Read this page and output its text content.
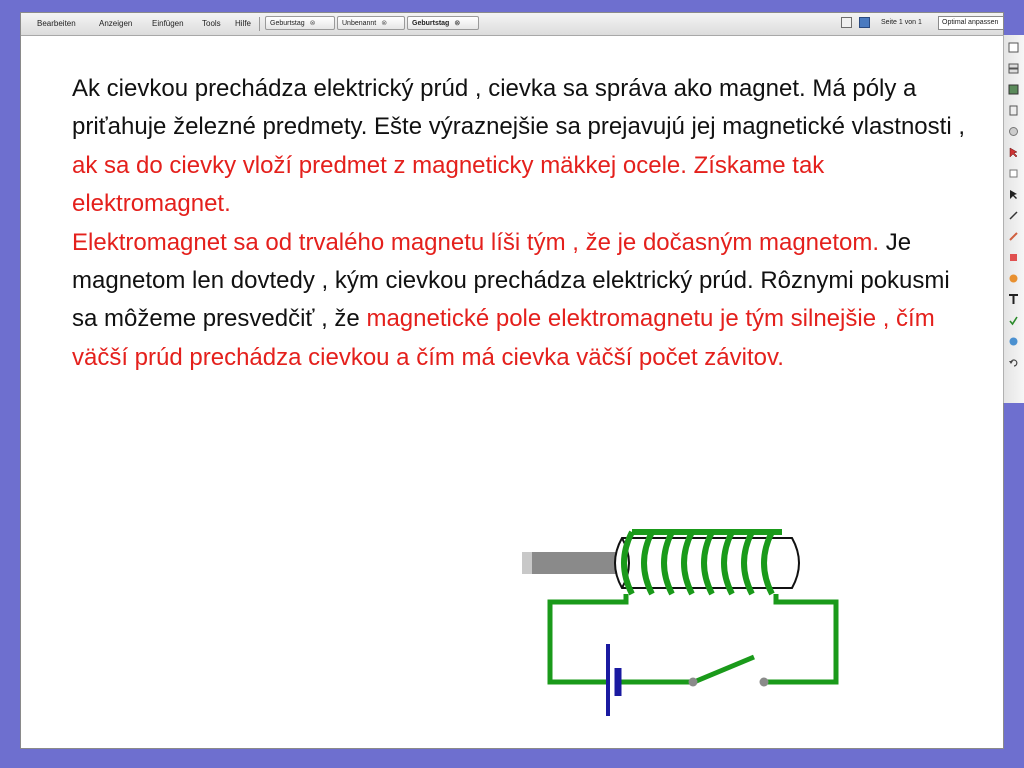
Bearbeiten	Anzeigen Einfügen Tools Hilfe	Geburtstag ⊗	Unbenannt ⊗	Geburtstag ⊗	Seite 1 von 1	Optimal anpassen

Ak cievkou prechádza elektrický prúd , cievka sa správa ako magnet. Má póly a priťahuje železné predmety. Ešte výraznejšie sa prejavujú jej magnetické vlastnosti , ak sa do cievky vloží predmet z magneticky mäkkej ocele. Získame tak elektromagnet.

Elektromagnet sa od trvalého magnetu líši tým , že je dočasným magnetom. Je magnetom len dovtedy , kým cievkou prechádza elektrický prúd. Rôznymi pokusmi sa môžeme presvedčiť , že magnetické pole elektromagnetu je tým silnejšie , čím väčší prúd prechádza cievkou a čím má cievka väčší počet závitov.
